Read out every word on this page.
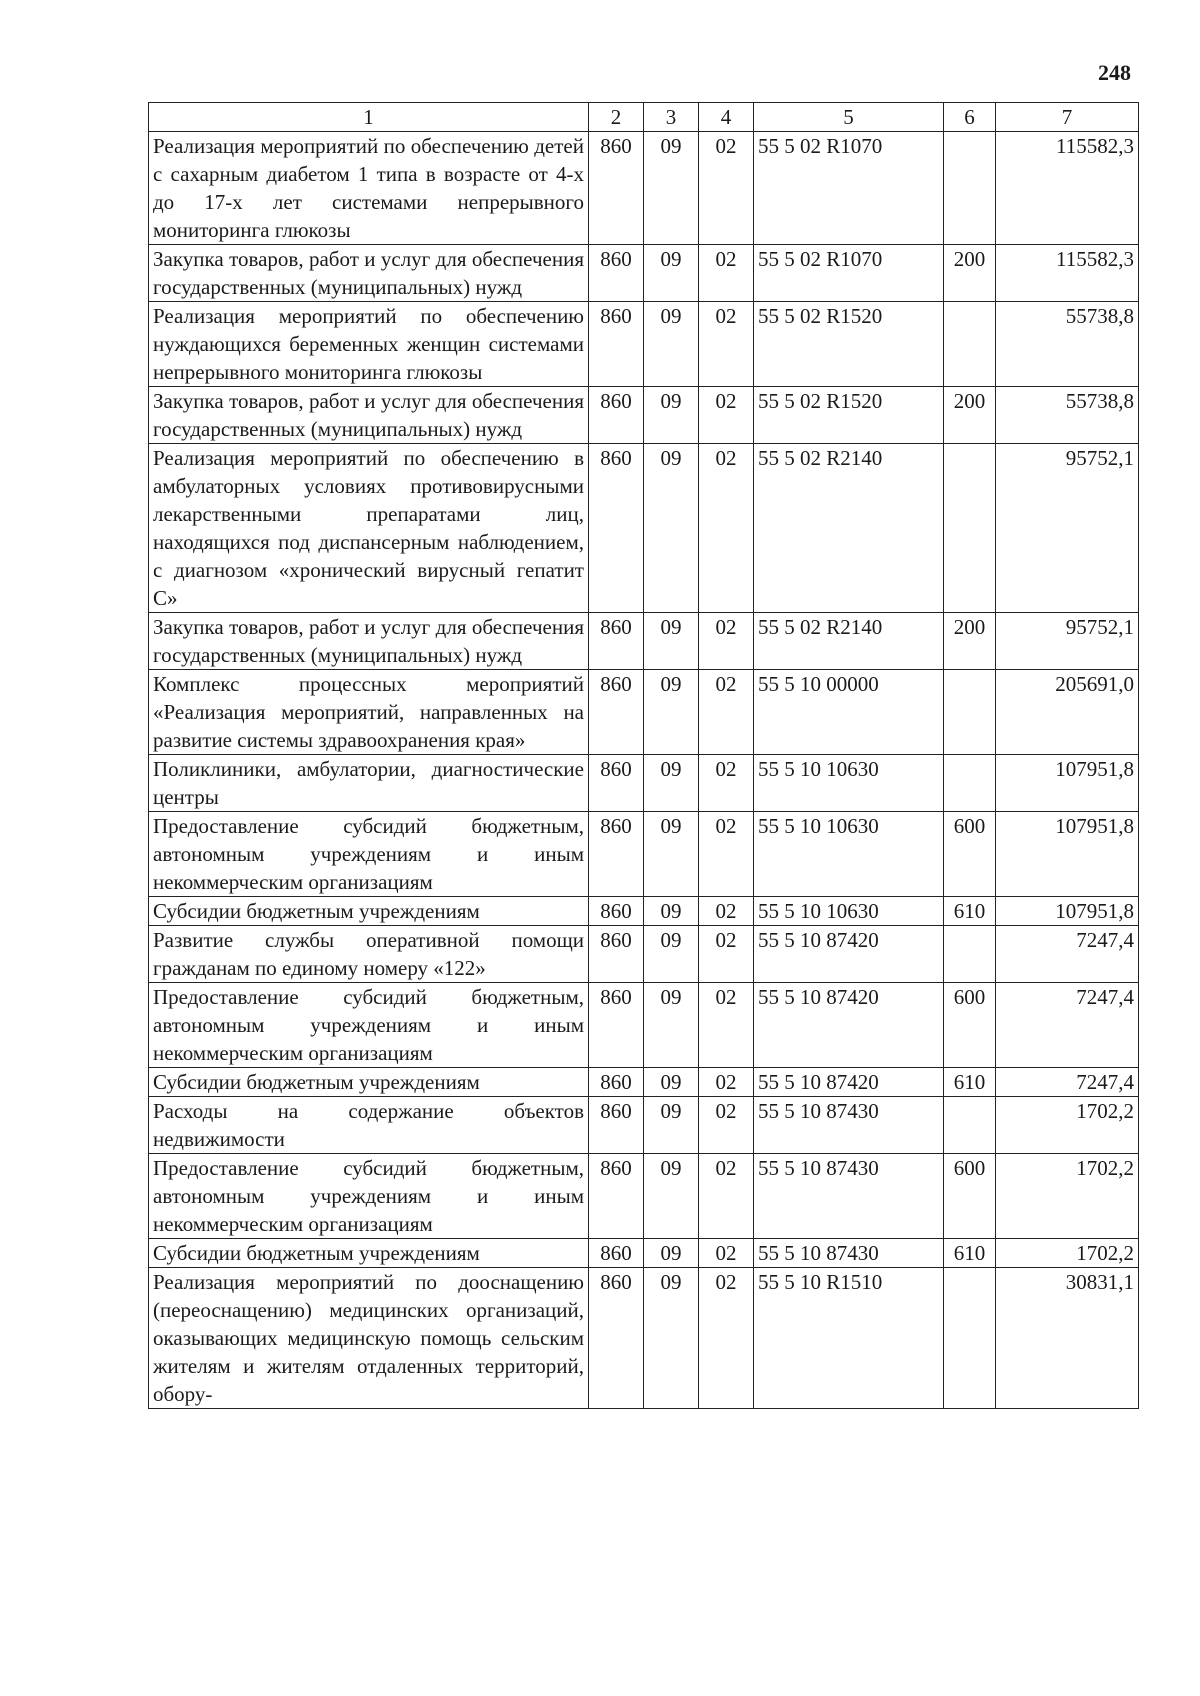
248
1	2	3	4	5	6	7
Реализация мероприятий по обеспечению детей с сахарным диабетом 1 типа в возрасте от 4-х до 17-х лет системами непрерывного мониторинга глюкозы	860	09	02	55 5 02 R1070		115582,3
Закупка товаров, работ и услуг для обеспечения государственных (муниципальных) нужд	860	09	02	55 5 02 R1070	200	115582,3
Реализация мероприятий по обеспечению нуждающихся беременных женщин системами непрерывного мониторинга глюкозы	860	09	02	55 5 02 R1520		55738,8
Закупка товаров, работ и услуг для обеспечения государственных (муниципальных) нужд	860	09	02	55 5 02 R1520	200	55738,8
Реализация мероприятий по обеспечению в амбулаторных условиях противовирусными лекарственными препаратами лиц, находящихся под диспансерным наблюдением, с диагнозом «хронический вирусный гепатит С»	860	09	02	55 5 02 R2140		95752,1
Закупка товаров, работ и услуг для обеспечения государственных (муниципальных) нужд	860	09	02	55 5 02 R2140	200	95752,1
Комплекс процессных мероприятий «Реализация мероприятий, направленных на развитие системы здравоохранения края»	860	09	02	55 5 10 00000		205691,0
Поликлиники, амбулатории, диагностические центры	860	09	02	55 5 10 10630		107951,8
Предоставление субсидий бюджетным, автономным учреждениям и иным некоммерческим организациям	860	09	02	55 5 10 10630	600	107951,8
Субсидии бюджетным учреждениям	860	09	02	55 5 10 10630	610	107951,8
Развитие службы оперативной помощи гражданам по единому номеру «122»	860	09	02	55 5 10 87420		7247,4
Предоставление субсидий бюджетным, автономным учреждениям и иным некоммерческим организациям	860	09	02	55 5 10 87420	600	7247,4
Субсидии бюджетным учреждениям	860	09	02	55 5 10 87420	610	7247,4
Расходы на содержание объектов недвижимости	860	09	02	55 5 10 87430		1702,2
Предоставление субсидий бюджетным, автономным учреждениям и иным некоммерческим организациям	860	09	02	55 5 10 87430	600	1702,2
Субсидии бюджетным учреждениям	860	09	02	55 5 10 87430	610	1702,2
Реализация мероприятий по дооснащению (переоснащению) медицинских организаций, оказывающих медицинскую помощь сельским жителям и жителям отдаленных территорий, обору-	860	09	02	55 5 10 R1510		30831,1
